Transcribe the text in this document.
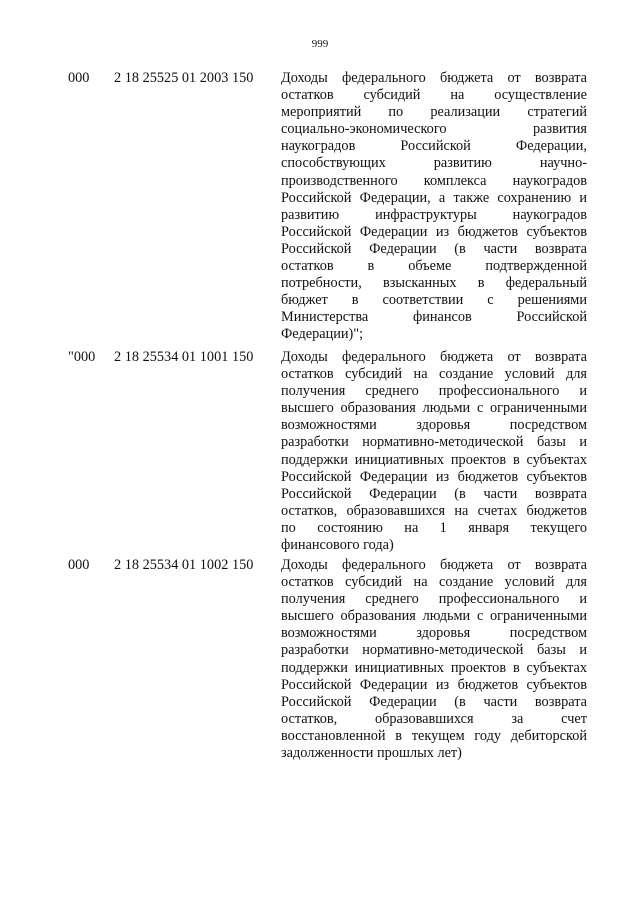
999
000 2 18 25525 01 2003 150 Доходы федерального бюджета от возврата
остатков субсидий на осуществление
мероприятий по реализации стратегий
социально-экономического развития
наукоградов Российской Федерации,
способствующих развитию научно-
производственного комплекса наукоградов
Российской Федерации, а также сохранению и
развитию инфраструктуры наукоградов
Российской Федерации из бюджетов субъектов
Российской Федерации (в части возврата
остатков в объеме подтвержденной
потребности, взысканных в федеральный
бюджет в соответствии с решениями
Министерства финансов Российской
Федерации)";
"000 2 18 25534 01 1001 150 Доходы федерального бюджета от возврата
остатков субсидий на создание условий для
получения среднего профессионального и
высшего образования людьми с ограниченными
возможностями здоровья посредством
разработки нормативно-методической базы и
поддержки инициативных проектов в субъектах
Российской Федерации из бюджетов субъектов
Российской Федерации (в части возврата
остатков, образовавшихся на счетах бюджетов
по состоянию на 1 января текущего
финансового года)
000 2 18 25534 01 1002 150 Доходы федерального бюджета от возврата
остатков субсидий на создание условий для
получения среднего профессионального и
высшего образования людьми с ограниченными
возможностями здоровья посредством
разработки нормативно-методической базы и
поддержки инициативных проектов в субъектах
Российской Федерации из бюджетов субъектов
Российской Федерации (в части возврата
остатков, образовавшихся за счет
восстановленной в текущем году дебиторской
задолженности прошлых лет)
